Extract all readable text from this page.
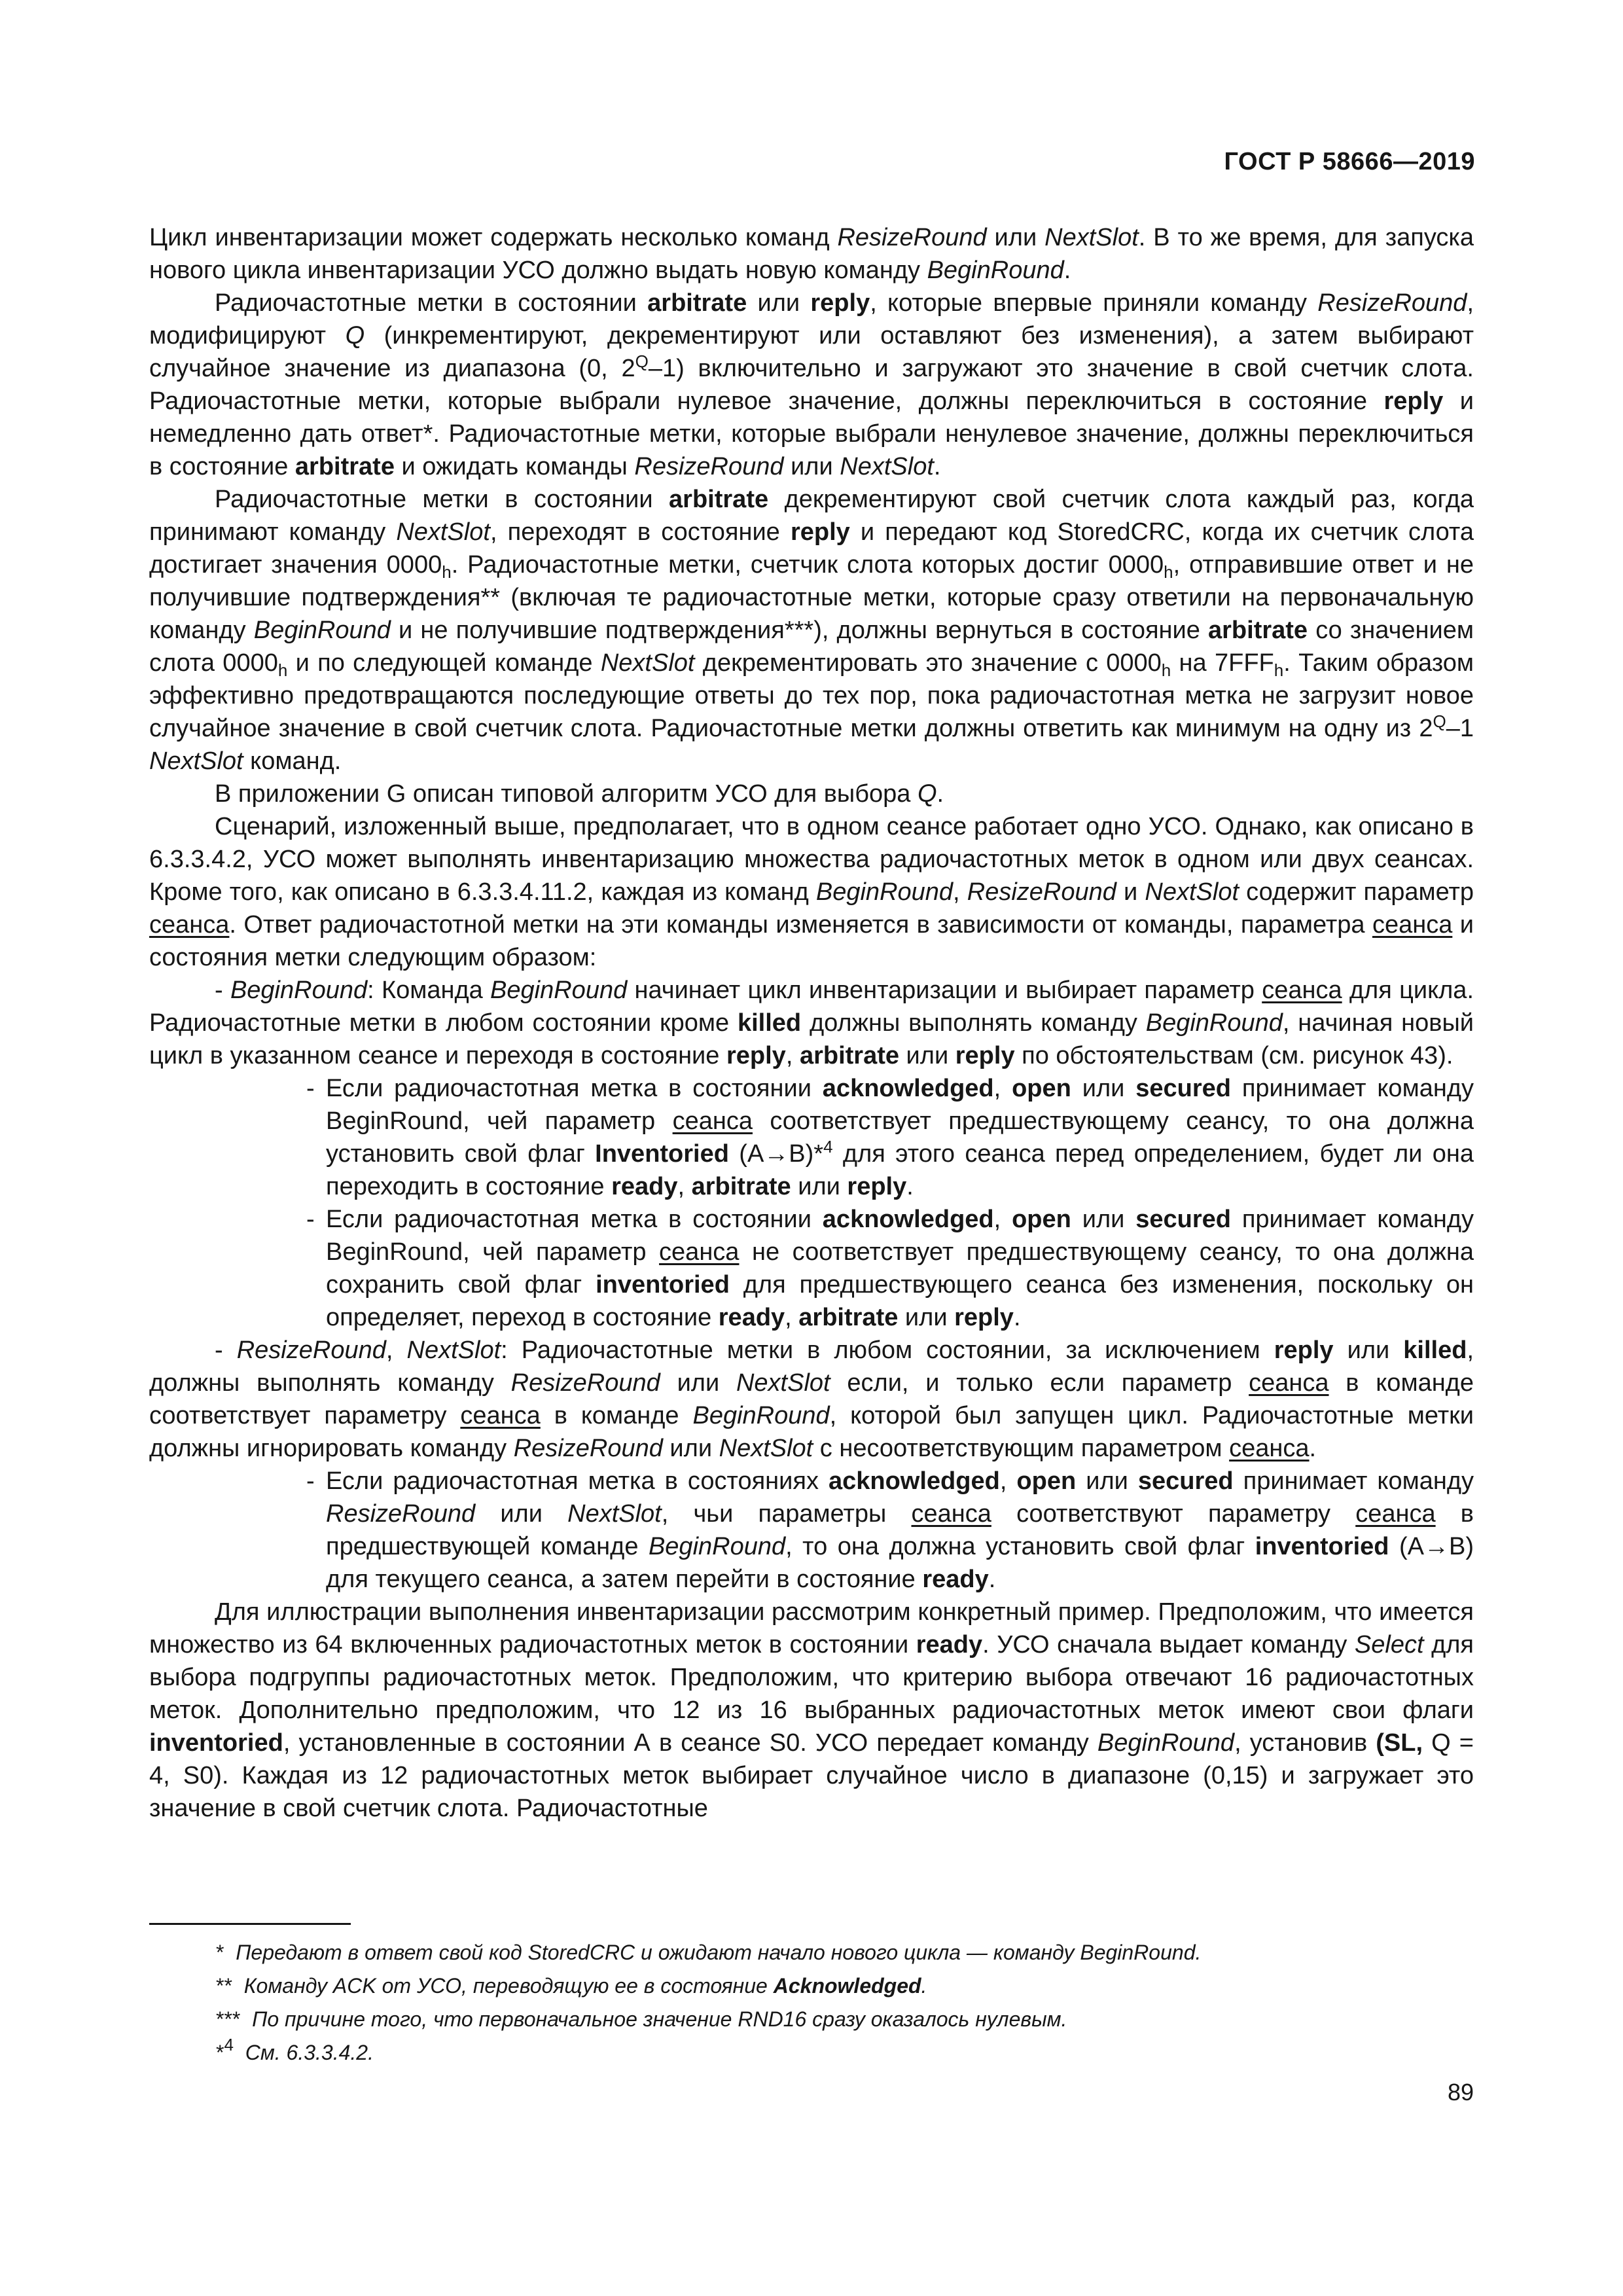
ГОСТ Р 58666—2019

Цикл инвентаризации может содержать несколько команд ResizeRound или NextSlot. В то же время, для запуска нового цикла инвентаризации УСО должно выдать новую команду BeginRound.

Радиочастотные метки в состоянии arbitrate или reply, которые впервые приняли команду ResizeRound, модифицируют Q (инкрементируют, декрементируют или оставляют без изменения), а затем выбирают случайное значение из диапазона (0, $2^Q-1$) включительно и загружают это значение в свой счетчик слота. Радиочастотные метки, которые выбрали нулевое значение, должны переключиться в состояние reply и немедленно дать ответ*. Радиочастотные метки, которые выбрали ненулевое значение, должны переключиться в состояние arbitrate и ожидать команды ResizeRound или NextSlot.

Радиочастотные метки в состоянии arbitrate декрементируют свой счетчик слота каждый раз, когда принимают команду NextSlot, переходят в состояние reply и передают код StoredCRC, когда их счетчик слота достигает значения $0000_h$. Радиочастотные метки, счетчик слота которых достиг $0000_h$, отправившие ответ и не получившие подтверждения** (включая те радиочастотные метки, которые сразу ответили на первоначальную команду BeginRound и не получившие подтверждения***), должны вернуться в состояние arbitrate со значением слота $0000_h$ и по следующей команде NextSlot декрементировать это значение с $0000_h$ на $7FFF_h$. Таким образом эффективно предотвращаются последующие ответы до тех пор, пока радиочастотная метка не загрузит новое случайное значение в свой счетчик слота. Радиочастотные метки должны ответить как минимум на одну из $2^Q-1$ NextSlot команд.

В приложении G описан типовой алгоритм УСО для выбора Q.

Сценарий, изложенный выше, предполагает, что в одном сеансе работает одно УСО. Однако, как описано в 6.3.3.4.2, УСО может выполнять инвентаризацию множества радиочастотных меток в одном или двух сеансах. Кроме того, как описано в 6.3.3.4.11.2, каждая из команд BeginRound, ResizeRound и NextSlot содержит параметр сеанса. Ответ радиочастотной метки на эти команды изменяется в зависимости от команды, параметра сеанса и состояния метки следующим образом:

- BeginRound: Команда BeginRound начинает цикл инвентаризации и выбирает параметр сеанса для цикла. Радиочастотные метки в любом состоянии кроме killed должны выполнять команду BeginRound, начиная новый цикл в указанном сеансе и переходя в состояние reply, arbitrate или reply по обстоятельствам (см. рисунок 43).

- Если радиочастотная метка в состоянии acknowledged, open или secured принимает команду BeginRound, чей параметр сеанса соответствует предшествующему сеансу, то она должна установить свой флаг Inventoried (A→B)*$^4$ для этого сеанса перед определением, будет ли она переходить в состояние ready, arbitrate или reply.
- Если радиочастотная метка в состоянии acknowledged, open или secured принимает команду BeginRound, чей параметр сеанса не соответствует предшествующему сеансу, то она должна сохранить свой флаг inventoried для предшествующего сеанса без изменения, поскольку он определяет, переход в состояние ready, arbitrate или reply.

- ResizeRound, NextSlot: Радиочастотные метки в любом состоянии, за исключением reply или killed, должны выполнять команду ResizeRound или NextSlot если, и только если параметр сеанса в команде соответствует параметру сеанса в команде BeginRound, которой был запущен цикл. Радиочастотные метки должны игнорировать команду ResizeRound или NextSlot с несоответствующим параметром сеанса.

- Если радиочастотная метка в состояниях acknowledged, open или secured принимает команду ResizeRound или NextSlot, чьи параметры сеанса соответствуют параметру сеанса в предшествующей команде BeginRound, то она должна установить свой флаг inventoried (A→B) для текущего сеанса, а затем перейти в состояние ready.

Для иллюстрации выполнения инвентаризации рассмотрим конкретный пример. Предположим, что имеется множество из 64 включенных радиочастотных меток в состоянии ready. УСО сначала выдает команду Select для выбора подгруппы радиочастотных меток. Предположим, что критерию выбора отвечают 16 радиочастотных меток. Дополнительно предположим, что 12 из 16 выбранных радиочастотных меток имеют свои флаги inventoried, установленные в состоянии А в сеансе S0. УСО передает команду BeginRound, установив (SL, Q = 4, S0). Каждая из 12 радиочастотных меток выбирает случайное число в диапазоне (0,15) и загружает это значение в свой счетчик слота. Радиочастотные

* Передают в ответ свой код StoredCRC и ожидают начало нового цикла — команду BeginRound.

** Команду ACK от УСО, переводящую ее в состояние Acknowledged.

*** По причине того, что первоначальное значение RND16 сразу оказалось нулевым.

*$^4$ См. 6.3.3.4.2.

89
